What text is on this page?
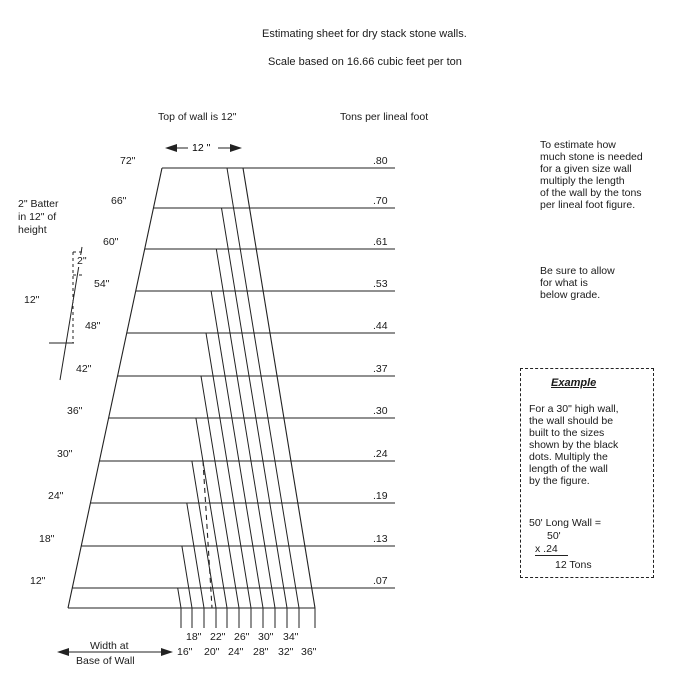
Estimating sheet for dry stack stone walls.
Scale based on 16.66 cubic feet per ton
Top of wall is 12"	Tons per lineal foot
12 "
72"
66"
60"
54"
48"
42"
36"
30"
24"
18"
12"
.80
.70
.61
.53
.44
.37
.30
.24
.19
.13
.07
2" Batter
in 12" of
height
2"
12"
18" 22" 26" 30" 34"
16" 20" 24" 28" 32" 36"
Width at
Base of Wall
To estimate how
much stone is needed
for a given size wall
multiply the length
of the wall by the tons
per lineal foot figure.
Be sure to allow
for what is
below grade.
Example
For a 30" high wall,
the wall should be
built to the sizes
shown by the black
dots. Multiply the
length of the wall
by the figure.
50' Long Wall =
50'
x .24
12 Tons
